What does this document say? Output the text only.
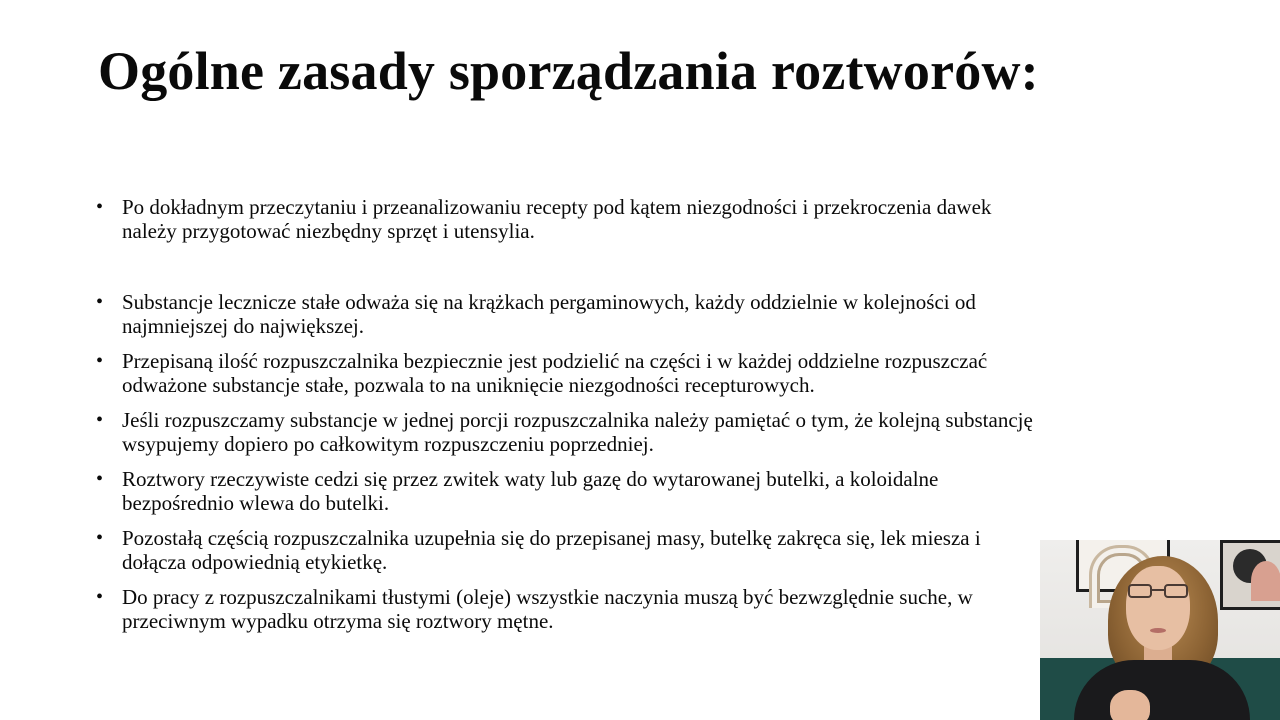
Ogólne zasady sporządzania roztworów:
• Po dokładnym przeczytaniu i przeanalizowaniu recepty pod kątem niezgodności i przekroczenia dawek
należy przygotować niezbędny sprzęt i utensylia.
• Substancje lecznicze stałe odważa się na krążkach pergaminowych, każdy oddzielnie w kolejności od
najmniejszej do największej.
• Przepisaną ilość rozpuszczalnika bezpiecznie jest podzielić na części i w każdej oddzielne rozpuszczać
odważone substancje stałe, pozwala to na uniknięcie niezgodności recepturowych.
• Jeśli rozpuszczamy substancje w jednej porcji rozpuszczalnika należy pamiętać o tym, że kolejną substancję
wsypujemy dopiero po całkowitym rozpuszczeniu poprzedniej.
• Roztwory rzeczywiste cedzi się przez zwitek waty lub gazę do wytarowanej butelki, a koloidalne
bezpośrednio wlewa do butelki.
• Pozostałą częścią rozpuszczalnika uzupełnia się do przepisanej masy, butelkę zakręca się, lek miesza i
dołącza odpowiednią etykietkę.
• Do pracy z rozpuszczalnikami tłustymi (oleje) wszystkie naczynia muszą być bezwzględnie suche, w
przeciwnym wypadku otrzyma się roztwory mętne.
